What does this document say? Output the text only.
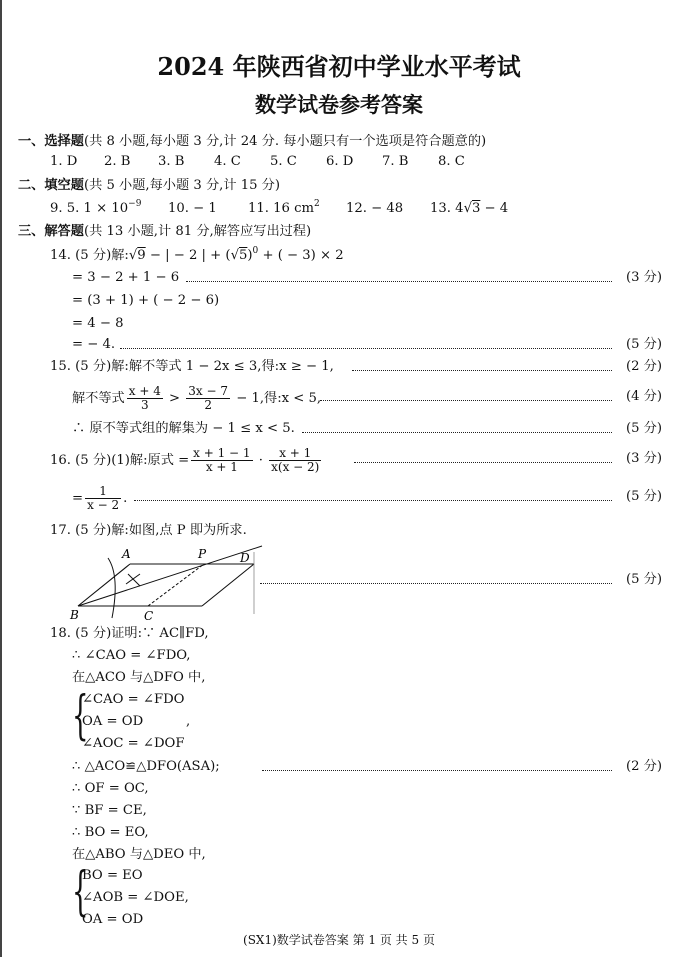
2024 年陕西省初中学业水平考试
数学试卷参考答案
一、选择题(共 8 小题,每小题 3 分,计 24 分. 每小题只有一个选项是符合题意的)
1. D 2. B 3. B 4. C 5. C 6. D 7. B 8. C
二、填空题(共 5 小题,每小题 3 分,计 15 分)
9. 5. $1 \times 10^{-9}$ 10. − 1 11. 16 $cm^2$ 12. − 48 13. 4√3 − 4
三、解答题(共 13 小题,计 81 分,解答应写出过程)
14. (5 分)解:√9 − | − 2 | + $(√5)^0$ + ( − 3) × 2
= 3 − 2 + 1 − 6	(3 分)
= (3 + 1) + ( − 2 − 6)
= 4 − 8
= − 4.	(5 分)
15. (5 分)解:解不等式 1 − 2x ≤ 3,得:x ≥ − 1,	(2 分)
解不等式 $\frac{x + 4}{3} > \frac{3x - 7}{2} - 1$,得:x < 5,	(4 分)
∴ 原不等式组的解集为 − 1 ≤ x < 5.	(5 分)
16. (5 分)(1)解:原式 = $\frac{x + 1 - 1}{x + 1} \cdot \frac{x + 1}{x(x - 2)}$	(3 分)
= $\frac{1}{x - 2}$ .	(5 分)
17. (5 分)解:如图,点 P 即为所求.
A	P	D
B	C
(5 分)
18. (5 分)证明:∵ AC∥FD,
∴ ∠CAO = ∠FDO,
在△ACO 与△DFO 中,
{
∠CAO = ∠FDO
OA = OD	,
∠AOC = ∠DOF
∴ △ACO≌△DFO(ASA);	(2 分)
∴ OF = OC,
∵ BF = CE,
∴ BO = EO,
在△ABO 与△DEO 中,
{
BO = EO
∠AOB = ∠DOE,
OA = OD
(SX1)数学试卷答案 第 1 页 共 5 页
